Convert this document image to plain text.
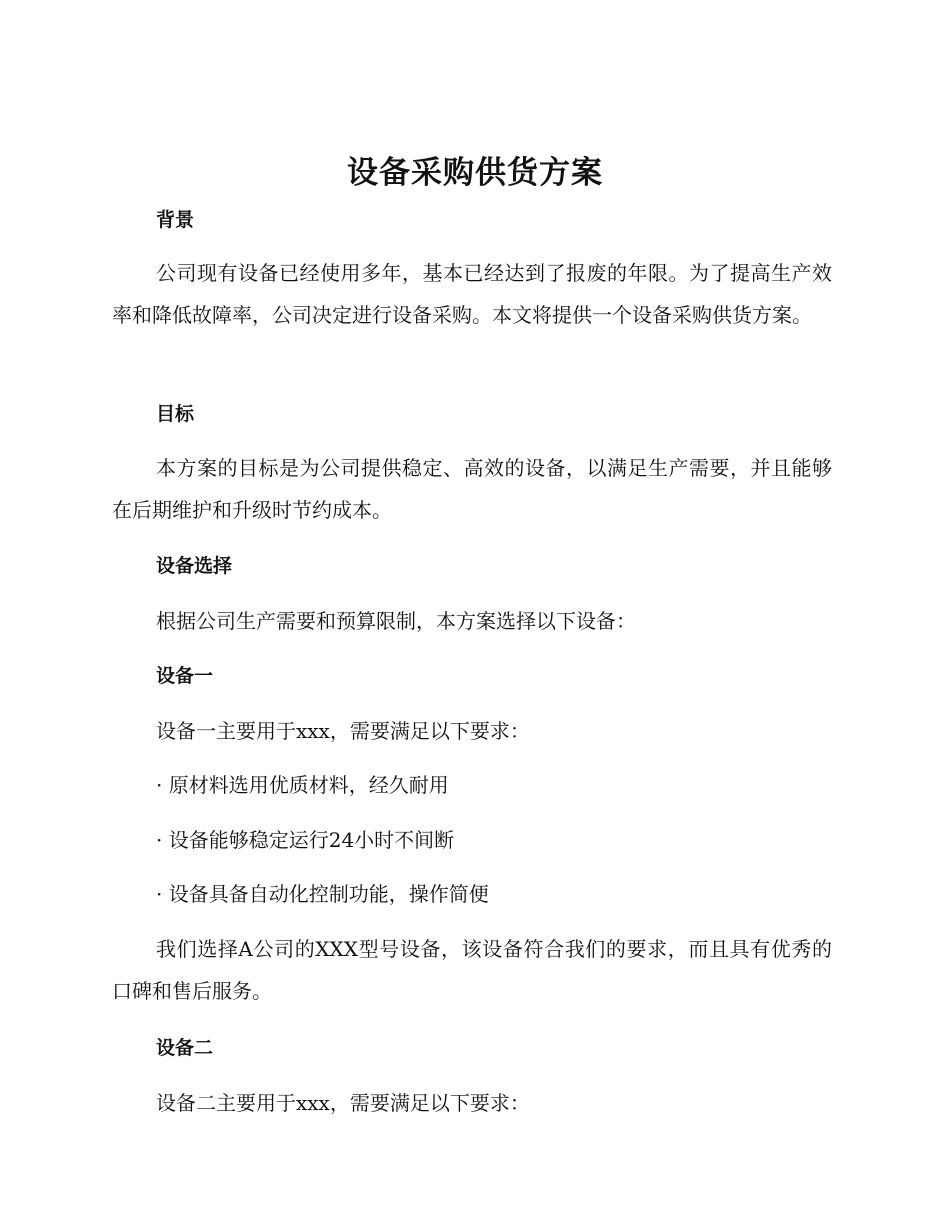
设备采购供货方案
背景

公司现有设备已经使用多年，基本已经达到了报废的年限。为了提高生产效率和降低故障率，公司决定进行设备采购。本文将提供一个设备采购供货方案。

目标

本方案的目标是为公司提供稳定、高效的设备，以满足生产需要，并且能够在后期维护和升级时节约成本。

设备选择

根据公司生产需要和预算限制，本方案选择以下设备：

设备一

设备一主要用于xxx，需要满足以下要求：

· 原材料选用优质材料，经久耐用

· 设备能够稳定运行24小时不间断

· 设备具备自动化控制功能，操作简便

我们选择A公司的XXX型号设备，该设备符合我们的要求，而且具有优秀的口碑和售后服务。

设备二

设备二主要用于xxx，需要满足以下要求：
